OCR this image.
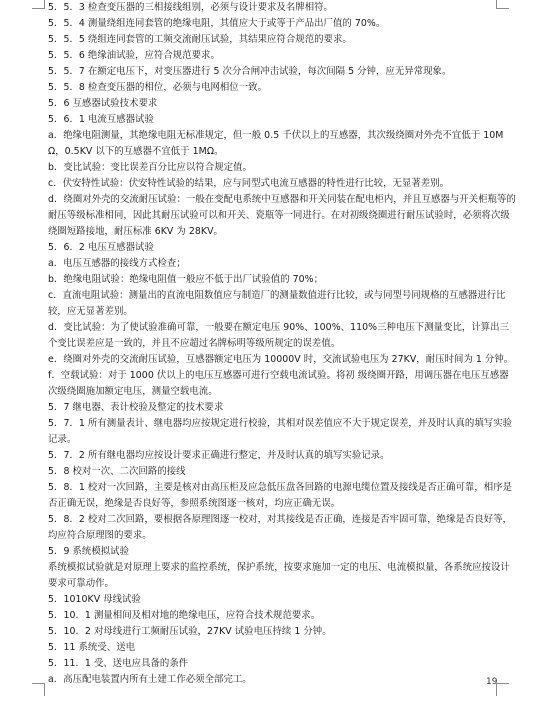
5．5．3 检查变压器的三相接线组别，必须与设计要求及名牌相符。

5．5．4 测量绕组连同套管的绝缘电阻，其值应大于或等于产品出厂值的 70%。

5．5．5 绕组连同套管的工频交流耐压试验，其结果应符合规范的要求。

5．5．6 绝缘油试验，应符合规范要求。

5．5．7 在额定电压下，对变压器进行 5 次分合闸冲击试验，每次间隔 5 分钟，应无异常现象。

5．5．8 检查变压器的相位，必须与电网相位一致。

5．6 互感器试验技术要求

5．6．1 电流互感器试验

a．绝缘电阻测量，其绝缘电阻无标准规定，但一般 0.5 千伏以上的互感器，其次级绕圈对外壳不宜低于 10MΩ，0.5KV 以下的互感器不宜低于 1MΩ。

b．变比试验：变比误差百分比应以符合规定值。

c．伏安特性试验：伏安特性试验的结果，应与同型式电流互感器的特性进行比较，无显著差别。

d．绕圈对外壳的交流耐压试验：一般在变配电系统中互感器和开关同装在配电柜内，并且互感器与开关柜瓶等的耐压等级标准相同，因此其耐压试验可以和开关、瓷瓶等一同进行。在对初级绕圈进行耐压试验时，必须将次级绕圈短路接地，耐压标准 6KV 为 28KV。

5．6．2 电压互感器试验

a．电压互感器的接线方式检查；

b．绝缘电阻试验：绝缘电阻值一般应不低于出厂试验值的 70%；

c．直流电阻试验：测量出的直流电阻数值应与制造厂的测量数值进行比较，或与同型号同规格的互感器进行比较，应无显著差别。

d．变比试验：为了使试验准确可靠，一般要在额定电压 90%、100%、110%三种电压下测量变比，计算出三个变比误差应是一致的，并且不应超过名牌标明等级所规定的误差值。

e．绕圈对外壳的交流耐压试验，互感器额定电压为 10000V 时，交流试验电压为 27KV，耐压时间为 1 分钟。

f．空载试验：对于 1000 伏以上的电压互感器可进行空载电流试验。将初 级绕圈开路，用调压器在电压互感器次级绕圈施加额定电压，测量空载电流。

5．7 继电器、表计校验及整定的技术要求

5．7．1 所有测量表计、继电器均应按规定进行校验，其相对误差值应不大于规定误差，并及时认真的填写实验记录。

5．7．2 所有继电器均应按设计要求正确进行整定，并及时认真的填写实验记录。

5．8 校对一次、二次回路的接线

5．8．1 校对一次回路，主要是核对由高压柜及应急低压盘各回路的电源电缆位置及接线是否正确可靠，相序是否正确无误，绝缘是否良好等，参照系统图逐一核对，均应正确无误。

5．8．2 校对二次回路，要根据各原理图逐一校对，对其接线是否正确，连接是否牢固可靠，绝缘是否良好等，均应符合原理图的要求。

5．9 系统模拟试验

系统模拟试验就是对原理上要求的监控系统，保护系统，按要求施加一定的电压、电流模拟量，各系统应按设计要求可靠动作。

5．1010KV 母线试验

5．10．1 测量相间及相对地的绝缘电压，应符合技术规范要求。

5．10．2 对母线进行工频耐压试验，27KV 试验电压持续 1 分钟。

5．11 系统受、送电

5．11．1 受、送电应具备的条件

a．高压配电装置内所有土建工作必须全部完工。	19
